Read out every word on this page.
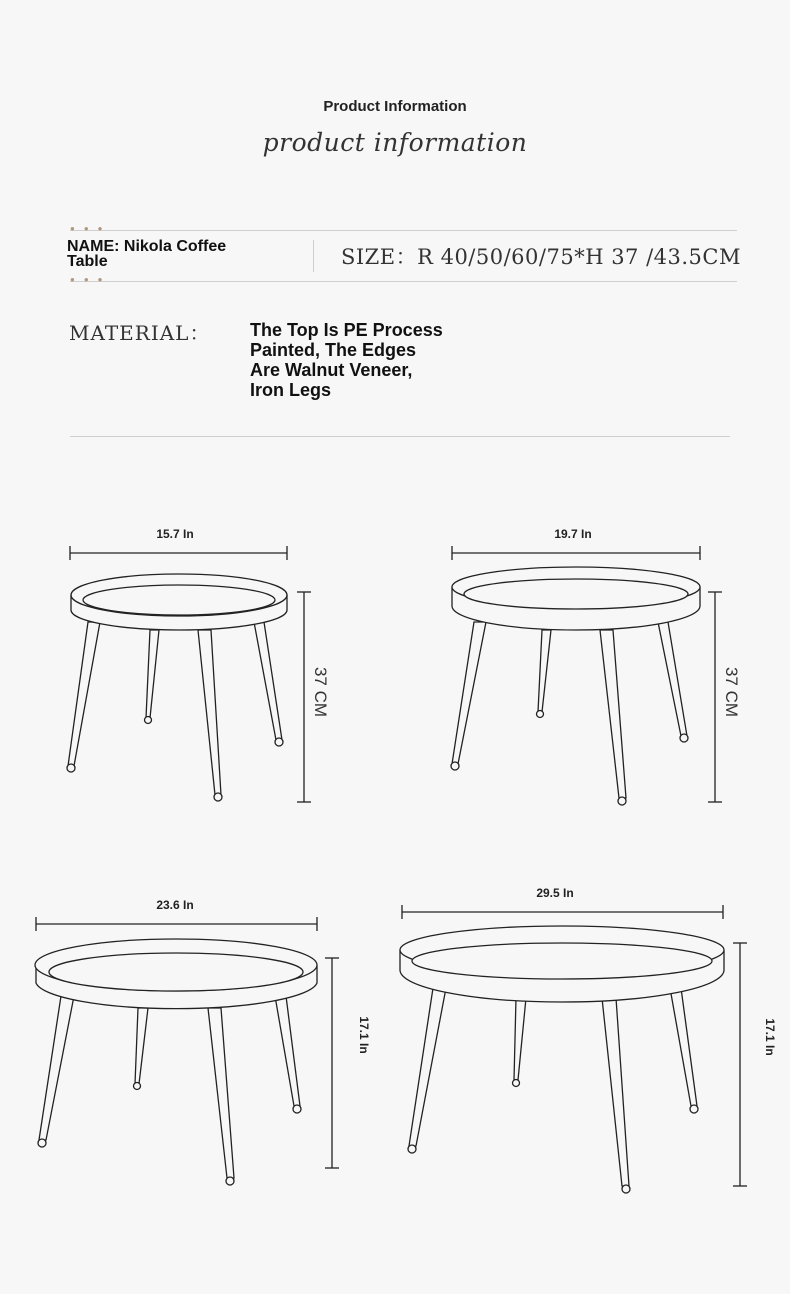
Product Information
product information
●●●
NAME: Nikola Coffee Table	SIZE：R 40/50/60/75*H 37 /43.5CM
●●●
MATERIAL： The Top Is PE Process Painted, The Edges Are Walnut Veneer, Iron Legs
15.7 In
37 CM
19.7 In
37 CM
23.6 In
17.1 In
29.5 In
17.1 In
